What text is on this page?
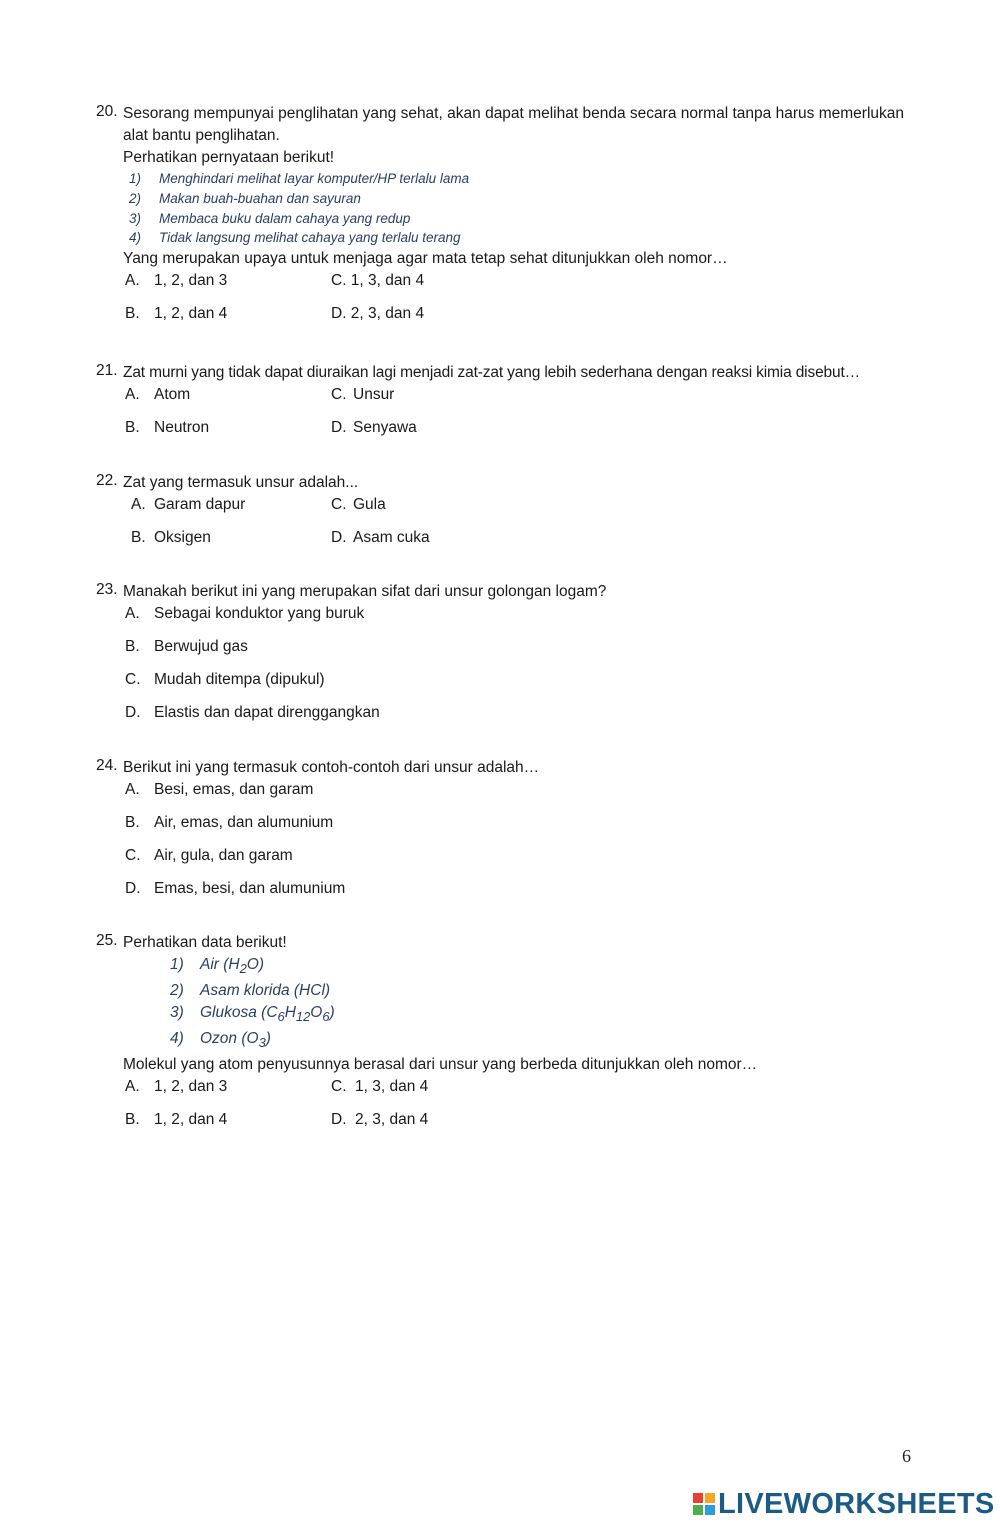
20. Sesorang mempunyai penglihatan yang sehat, akan dapat melihat benda secara normal tanpa harus memerlukan alat bantu penglihatan.
Perhatikan pernyataan berikut!
1) Menghindari melihat layar komputer/HP terlalu lama
2) Makan buah-buahan dan sayuran
3) Membaca buku dalam cahaya yang redup
4) Tidak langsung melihat cahaya yang terlalu terang
Yang merupakan upaya untuk menjaga agar mata tetap sehat ditunjukkan oleh nomor…
A. 1, 2, dan 3	C. 1, 3, dan 4
B. 1, 2, dan 4	D. 2, 3, dan 4
21. Zat murni yang tidak dapat diuraikan lagi menjadi zat-zat yang lebih sederhana dengan reaksi kimia disebut…
A. Atom	C. Unsur
B. Neutron	D. Senyawa
22. Zat yang termasuk unsur adalah...
A. Garam dapur	C. Gula
B. Oksigen	D. Asam cuka
23. Manakah berikut ini yang merupakan sifat dari unsur golongan logam?
A. Sebagai konduktor yang buruk
B. Berwujud gas
C. Mudah ditempa (dipukul)
D. Elastis dan dapat direnggangkan
24. Berikut ini yang termasuk contoh-contoh dari unsur adalah…
A. Besi, emas, dan garam
B. Air, emas, dan alumunium
C. Air, gula, dan garam
D. Emas, besi, dan alumunium
25. Perhatikan data berikut!
1) Air $(H_2O)$
2) Asam klorida (HCl)
3) Glukosa $(C_6H_{12}O_6)$
4) Ozon $(O_3)$
Molekul yang atom penyusunnya berasal dari unsur yang berbeda ditunjukkan oleh nomor…
A. 1, 2, dan 3	C. 1, 3, dan 4
B. 1, 2, dan 4	D. 2, 3, dan 4
6
LIVEWORKSHEETS
